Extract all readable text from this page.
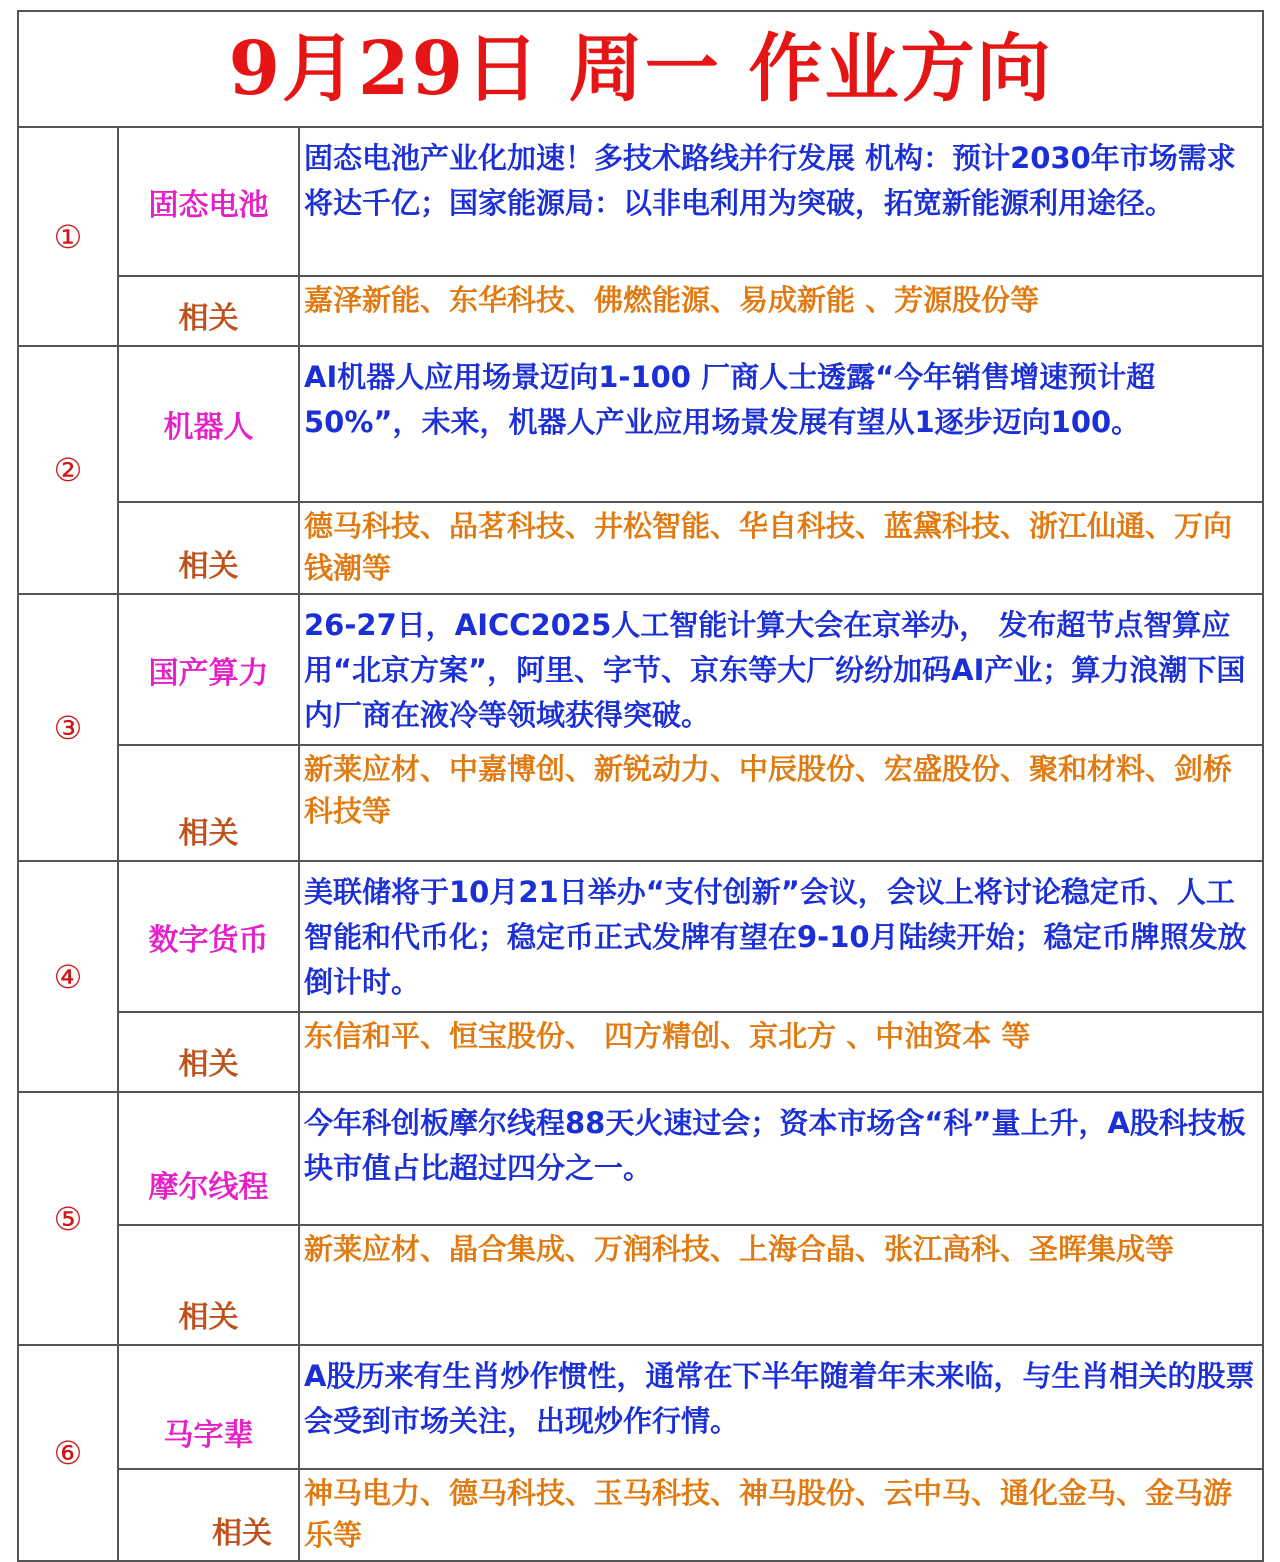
9月29日 周一 作业方向		
①	固态电池	固态电池产业化加速！多技术路线并行发展 机构：预计2030年市场需求将达千亿；国家能源局：以非电利用为突破，拓宽新能源利用途径。

	相关	嘉泽新能、东华科技、佛燃能源、易成新能 、芳源股份等

②	机器人	AI机器人应用场景迈向1-100 厂商人士透露“今年销售增速预计超50%”，未来，机器人产业应用场景发展有望从1逐步迈向100。

	相关	德马科技、品茗科技、井松智能、华自科技、蓝黛科技、浙江仙通、万向钱潮等

③	国产算力	26-27日，AICC2025人工智能计算大会在京举办， 发布超节点智算应用“北京方案”，阿里、字节、京东等大厂纷纷加码AI产业；算力浪潮下国内厂商在液冷等领域获得突破。

	相关	新莱应材、中嘉博创、新锐动力、中辰股份、宏盛股份、聚和材料、剑桥科技等

④	数字货币	美联储将于10月21日举办“支付创新”会议，会议上将讨论稳定币、人工智能和代币化；稳定币正式发牌有望在9-10月陆续开始；稳定币牌照发放倒计时。

	相关	东信和平、恒宝股份、 四方精创、京北方 、中油资本 等

⑤	摩尔线程	今年科创板摩尔线程88天火速过会；资本市场含“科”量上升，A股科技板块市值占比超过四分之一。

	相关	新莱应材、晶合集成、万润科技、上海合晶、张江高科、圣晖集成等

⑥	马字辈	A股历来有生肖炒作惯性，通常在下半年随着年末来临，与生肖相关的股票会受到市场关注，出现炒作行情。

	相关	神马电力、德马科技、玉马科技、神马股份、云中马、通化金马、金马游乐等
